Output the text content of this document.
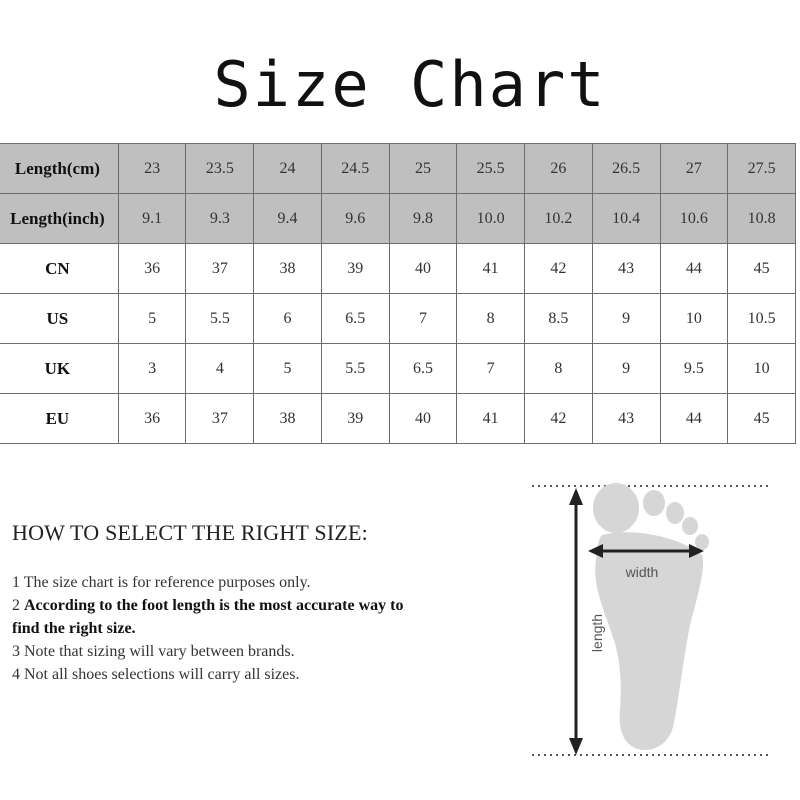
Size Chart
Length(cm)	23	23.5	24	24.5	25	25.5	26	26.5	27	27.5
Length(inch)	9.1	9.3	9.4	9.6	9.8	10.0	10.2	10.4	10.6	10.8
CN	36	37	38	39	40	41	42	43	44	45
US	5	5.5	6	6.5	7	8	8.5	9	10	10.5
UK	3	4	5	5.5	6.5	7	8	9	9.5	10
EU	36	37	38	39	40	41	42	43	44	45
HOW TO SELECT THE RIGHT SIZE:
1 The size chart is for reference purposes only.
2 According to the foot length is the most accurate way to find the right size.
3 Note that sizing will vary between brands.
4 Not all shoes selections will carry all sizes.
width
length
